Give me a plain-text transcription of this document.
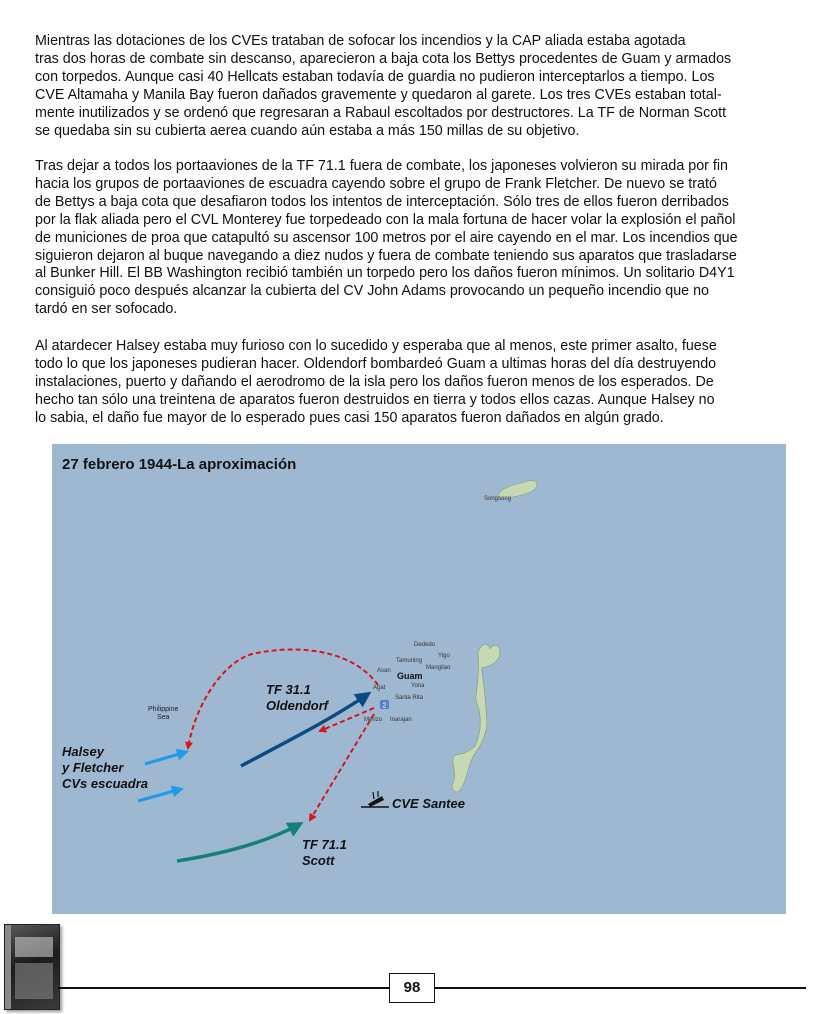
Mientras las dotaciones de los CVEs trataban de sofocar los incendios y la CAP aliada estaba agotada
tras dos horas de combate sin descanso, aparecieron a baja cota los Bettys procedentes de Guam y armados
con torpedos. Aunque casi 40 Hellcats estaban todavía de guardia no pudieron interceptarlos a tiempo. Los
CVE Altamaha y Manila Bay fueron dañados gravemente y quedaron al garete. Los tres CVEs estaban total-
mente inutilizados y se ordenó que regresaran a Rabaul escoltados por destructores. La TF de Norman Scott
se quedaba sin su cubierta aerea cuando aún estaba a más 150 millas de su objetivo.
Tras dejar a todos los portaaviones de la TF 71.1 fuera de combate, los japoneses volvieron su mirada por fin
hacia los grupos de portaaviones de escuadra cayendo sobre el grupo de Frank Fletcher. De nuevo se trató
de Bettys a baja cota que desafiaron todos los intentos de interceptación. Sólo tres de ellos fueron derribados
por la flak aliada pero el CVL Monterey fue torpedeado con la mala fortuna de hacer volar la explosión el pañol
de municiones de proa que catapultó su ascensor 100 metros por el aire cayendo en el mar. Los incendios que
siguieron dejaron al buque navegando a diez nudos y fuera de combate teniendo sus aparatos que trasladarse
al Bunker Hill. El BB Washington recibió también un torpedo pero los daños fueron mínimos. Un solitario D4Y1
consiguió poco después alcanzar la cubierta del CV John Adams provocando un pequeño incendio que no
tardó en ser sofocado.
Al atardecer Halsey estaba muy furioso con lo sucedido y esperaba que al menos, este primer asalto, fuese
todo lo que los japoneses pudieran hacer. Oldendorf bombardeó Guam a ultimas horas del día destruyendo
instalaciones, puerto y dañando el aerodromo de la isla pero los daños fueron menos de los esperados. De
hecho tan sólo una treintena de aparatos fueron destruidos en tierra y todos ellos cazas. Aunque Halsey no
lo sabia, el daño fue mayor de lo esperado pues casi 150 aparatos fueron dañados en algún grado.
2
27 febrero 1944-La aproximación
TF 31.1
Oldendorf
Halsey
y Fletcher
CVs escuadra
CVE Santee
TF 71.1
Scott
Philippine
Sea
Guam
Songsong
Dededo
Yigo
Tamuning
Mangilao
Asan
Agat	Yona
Santa Rita
Merizo Inarajan
98
